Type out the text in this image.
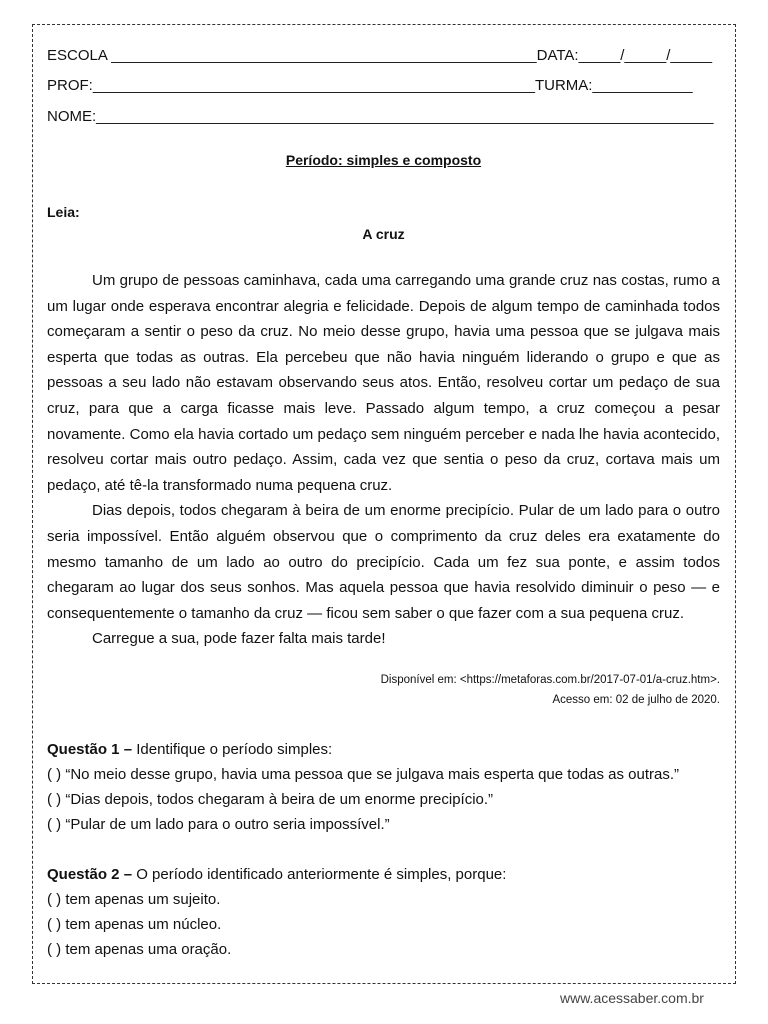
ESCOLA ___________________________________________________DATA:_____/_____/_____
PROF:_____________________________________________________TURMA:____________
NOME:__________________________________________________________________________
Período: simples e composto
Leia:
A cruz

Um grupo de pessoas caminhava, cada uma carregando uma grande cruz nas costas, rumo a um lugar onde esperava encontrar alegria e felicidade. Depois de algum tempo de caminhada todos começaram a sentir o peso da cruz. No meio desse grupo, havia uma pessoa que se julgava mais esperta que todas as outras. Ela percebeu que não havia ninguém liderando o grupo e que as pessoas a seu lado não estavam observando seus atos. Então, resolveu cortar um pedaço de sua cruz, para que a carga ficasse mais leve. Passado algum tempo, a cruz começou a pesar novamente. Como ela havia cortado um pedaço sem ninguém perceber e nada lhe havia acontecido, resolveu cortar mais outro pedaço. Assim, cada vez que sentia o peso da cruz, cortava mais um pedaço, até tê-la transformado numa pequena cruz.

Dias depois, todos chegaram à beira de um enorme precipício. Pular de um lado para o outro seria impossível. Então alguém observou que o comprimento da cruz deles era exatamente do mesmo tamanho de um lado ao outro do precipício. Cada um fez sua ponte, e assim todos chegaram ao lugar dos seus sonhos. Mas aquela pessoa que havia resolvido diminuir o peso — e consequentemente o tamanho da cruz — ficou sem saber o que fazer com a sua pequena cruz.

Carregue a sua, pode fazer falta mais tarde!

Disponível em: <https://metaforas.com.br/2017-07-01/a-cruz.htm>.
Acesso em: 02 de julho de 2020.
Questão 1 – Identifique o período simples:
( ) “No meio desse grupo, havia uma pessoa que se julgava mais esperta que todas as outras.”
( ) “Dias depois, todos chegaram à beira de um enorme precipício.”
( ) “Pular de um lado para o outro seria impossível.”
Questão 2 – O período identificado anteriormente é simples, porque:
( ) tem apenas um sujeito.
( ) tem apenas um núcleo.
( ) tem apenas uma oração.
www.acessaber.com.br
